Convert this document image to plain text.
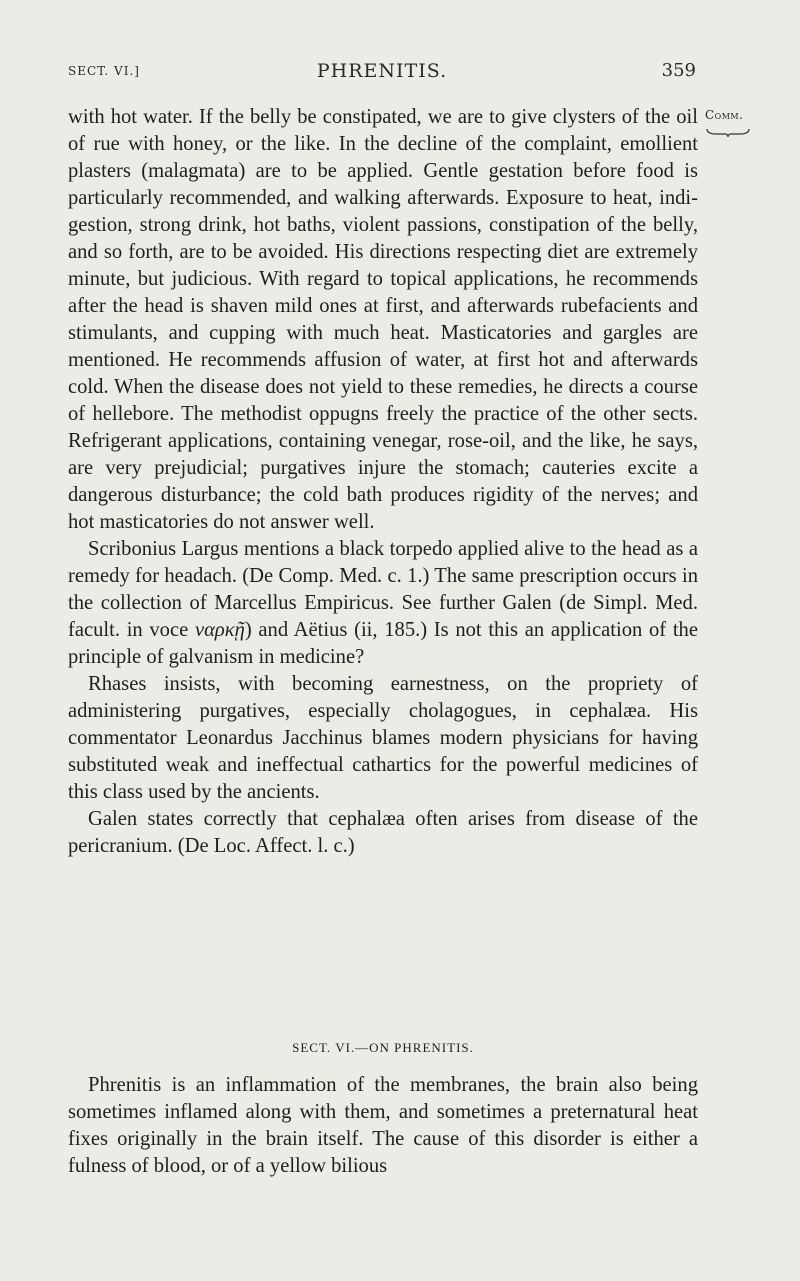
SECT. VI.]	PHRENITIS.	359
Comm.

with hot water. If the belly be constipated, we are to give clysters of the oil of rue with honey, or the like. In the decline of the complaint, emollient plasters (malagmata) are to be applied. Gentle gestation before food is particularly recommended, and walking afterwards. Exposure to heat, indigestion, strong drink, hot baths, violent passions, constipation of the belly, and so forth, are to be avoided. His directions respecting diet are extremely minute, but judicious. With regard to topical applications, he recommends after the head is shaven mild ones at first, and afterwards rubefacients and stimulants, and cupping with much heat. Masticatories and gargles are mentioned. He recommends affusion of water, at first hot and afterwards cold. When the disease does not yield to these remedies, he directs a course of hellebore. The methodist oppugns freely the practice of the other sects. Refrigerant applications, containing venegar, rose-oil, and the like, he says, are very prejudicial; purgatives injure the stomach; cauteries excite a dangerous disturbance; the cold bath produces rigidity of the nerves; and hot masticatories do not answer well.

Scribonius Largus mentions a black torpedo applied alive to the head as a remedy for headach. (De Comp. Med. c. 1.) The same prescription occurs in the collection of Marcellus Empiricus. See further Galen (de Simpl. Med. facult. in voce ναρκῇ) and Aëtius (ii, 185.) Is not this an application of the principle of galvanism in medicine?

Rhases insists, with becoming earnestness, on the propriety of administering purgatives, especially cholagogues, in cephalæa. His commentator Leonardus Jacchinus blames modern physicians for having substituted weak and ineffectual cathartics for the powerful medicines of this class used by the ancients.

Galen states correctly that cephalæa often arises from disease of the pericranium. (De Loc. Affect. l. c.)

SECT. VI.—ON PHRENITIS.

Phrenitis is an inflammation of the membranes, the brain also being sometimes inflamed along with them, and sometimes a preternatural heat fixes originally in the brain itself. The cause of this disorder is either a fulness of blood, or of a yellow bilious
